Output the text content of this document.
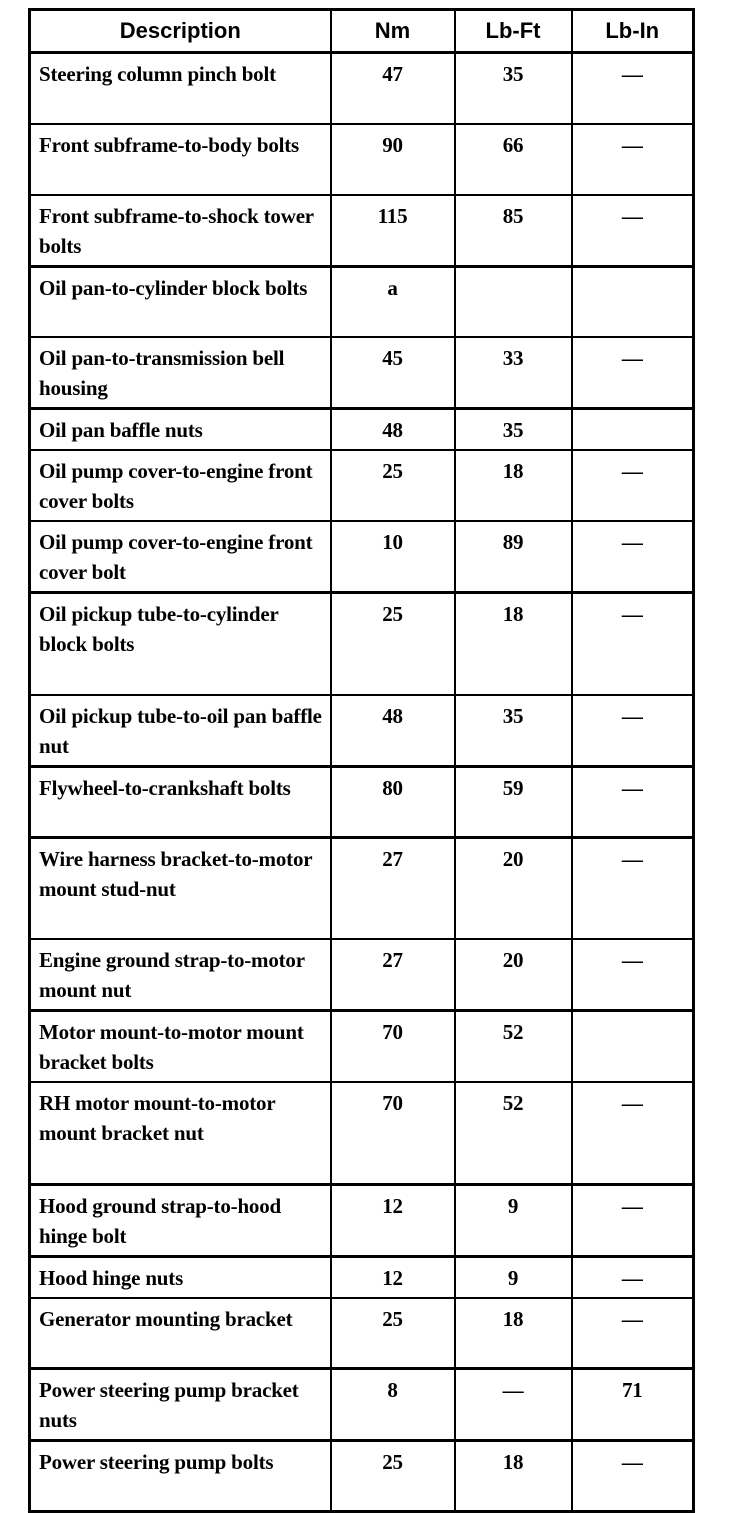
Description	Nm	Lb-Ft	Lb-In
Steering column pinch bolt	47	35	—
Front subframe-to-body bolts	90	66	—
Front subframe-to-shock tower bolts	115	85	—
Oil pan-to-cylinder block bolts	a		
Oil pan-to-transmission bell housing	45	33	—
Oil pan baffle nuts	48	35	
Oil pump cover-to-engine front cover bolts	25	18	—
Oil pump cover-to-engine front cover bolt	10	89	—
Oil pickup tube-to-cylinder block bolts	25	18	—
Oil pickup tube-to-oil pan baffle nut	48	35	—
Flywheel-to-crankshaft bolts	80	59	—
Wire harness bracket-to-motor mount stud-nut	27	20	—
Engine ground strap-to-motor mount nut	27	20	—
Motor mount-to-motor mount bracket bolts	70	52	
RH motor mount-to-motor mount bracket nut	70	52	—
Hood ground strap-to-hood hinge bolt	12	9	—
Hood hinge nuts	12	9	—
Generator mounting bracket	25	18	—
Power steering pump bracket nuts	8	—	71
Power steering pump bolts	25	18	—
